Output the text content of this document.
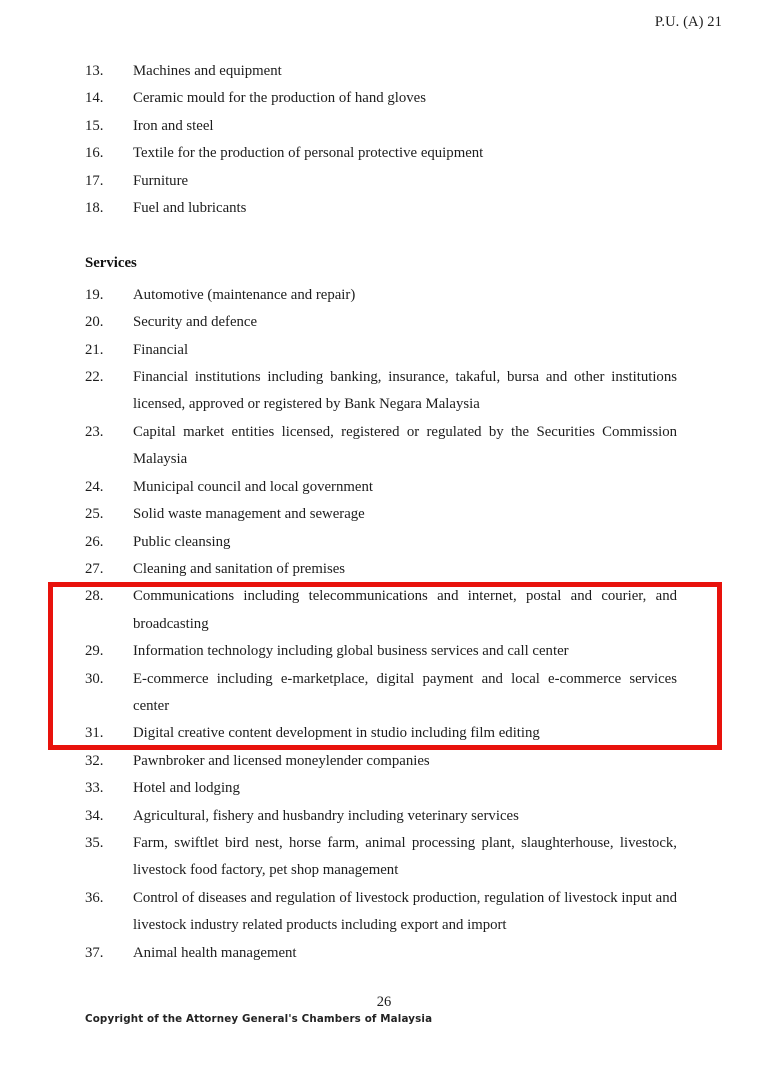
P.U. (A) 21
13.	Machines and equipment
14.	Ceramic mould for the production of hand gloves
15.	Iron and steel
16.	Textile for the production of personal protective equipment
17.	Furniture
18.	Fuel and lubricants
Services
19.	Automotive (maintenance and repair)
20.	Security and defence
21.	Financial
22.	Financial institutions including banking, insurance, takaful, bursa and other institutions licensed, approved or registered by Bank Negara Malaysia
23.	Capital market entities licensed, registered or regulated by the Securities Commission Malaysia
24.	Municipal council and local government
25.	Solid waste management and sewerage
26.	Public cleansing
27.	Cleaning and sanitation of premises
28.	Communications including telecommunications and internet, postal and courier, and broadcasting
29.	Information technology including global business services and call center
30.	E-commerce including e-marketplace, digital payment and local e-commerce services center
31.	Digital creative content development in studio including film editing
32.	Pawnbroker and licensed moneylender companies
33.	Hotel and lodging
34.	Agricultural, fishery and husbandry including veterinary services
35.	Farm, swiftlet bird nest, horse farm, animal processing plant, slaughterhouse, livestock, livestock food factory, pet shop management
36.	Control of diseases and regulation of livestock production, regulation of livestock input and livestock industry related products including export and import
37.	Animal health management
26
Copyright of the Attorney General's Chambers of Malaysia
